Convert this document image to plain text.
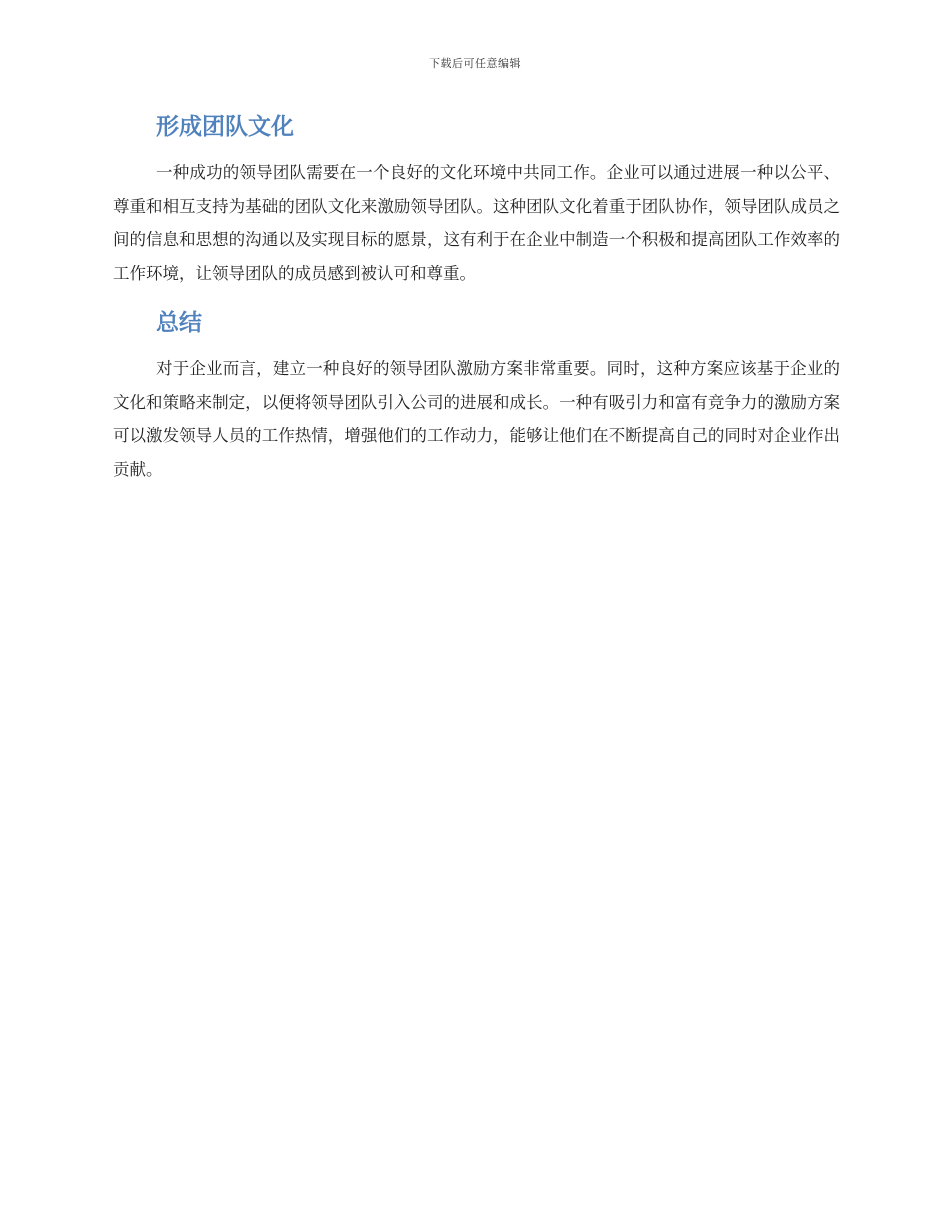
下载后可任意编辑
形成团队文化

一种成功的领导团队需要在一个良好的文化环境中共同工作。企业可以通过进展一种以公平、尊重和相互支持为基础的团队文化来激励领导团队。这种团队文化着重于团队协作，领导团队成员之间的信息和思想的沟通以及实现目标的愿景，这有利于在企业中制造一个积极和提高团队工作效率的工作环境，让领导团队的成员感到被认可和尊重。

总结

对于企业而言，建立一种良好的领导团队激励方案非常重要。同时，这种方案应该基于企业的文化和策略来制定，以便将领导团队引入公司的进展和成长。一种有吸引力和富有竞争力的激励方案可以激发领导人员的工作热情，增强他们的工作动力，能够让他们在不断提高自己的同时对企业作出贡献。
